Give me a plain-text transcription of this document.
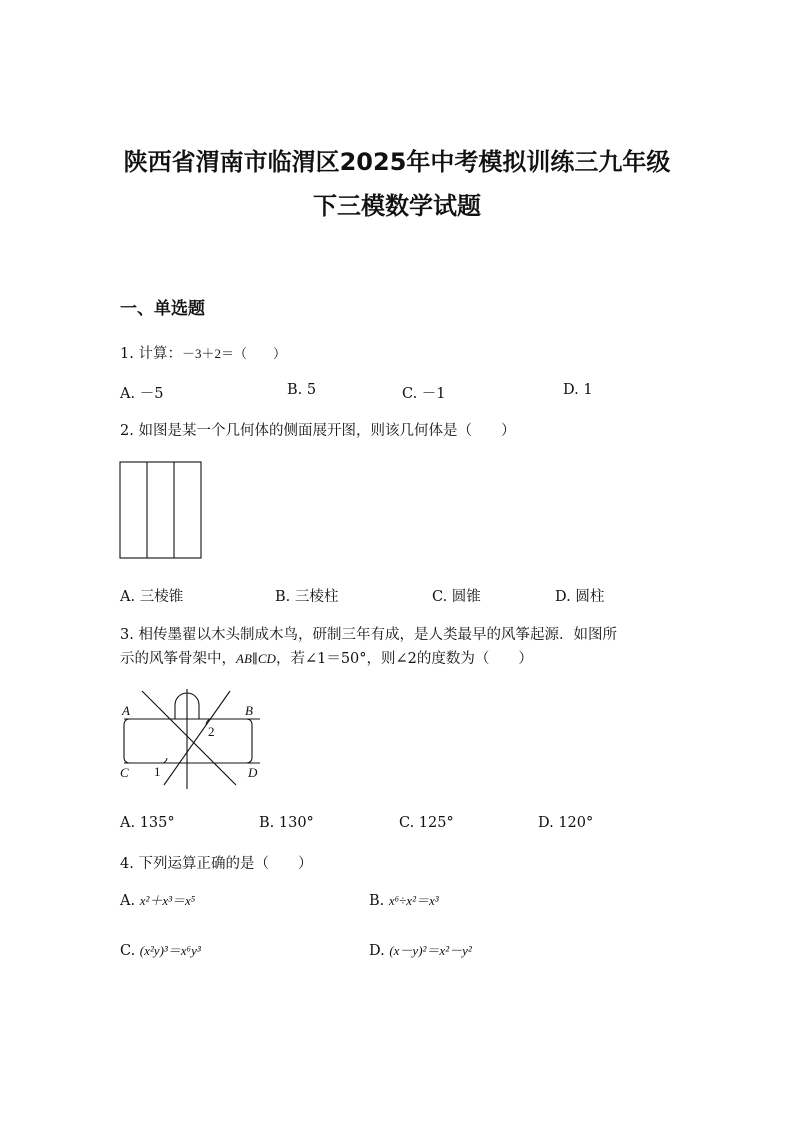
陕西省渭南市临渭区2025年中考模拟训练三九年级
下三模数学试题
一、单选题
1. 计算：－3＋2＝（　　）
A. －5	B. 5	C. －1	D. 1
2. 如图是某一个几何体的侧面展开图，则该几何体是（　　）
A. 三棱锥	B. 三棱柱	C. 圆锥	D. 圆柱
3. 相传墨翟以木头制成木鸟，研制三年有成，是人类最早的风筝起源．如图所
示的风筝骨架中，AB∥CD，若∠1＝50°，则∠2的度数为（　　）
A	B
C	D
1
2
A. 135°	B. 130°	C. 125°	D. 120°
4. 下列运算正确的是（　　）
A. x²＋x³＝x⁵	B. x⁶÷x²＝x³
C. (x²y)³＝x⁶y³	D. (x－y)²＝x²－y²
